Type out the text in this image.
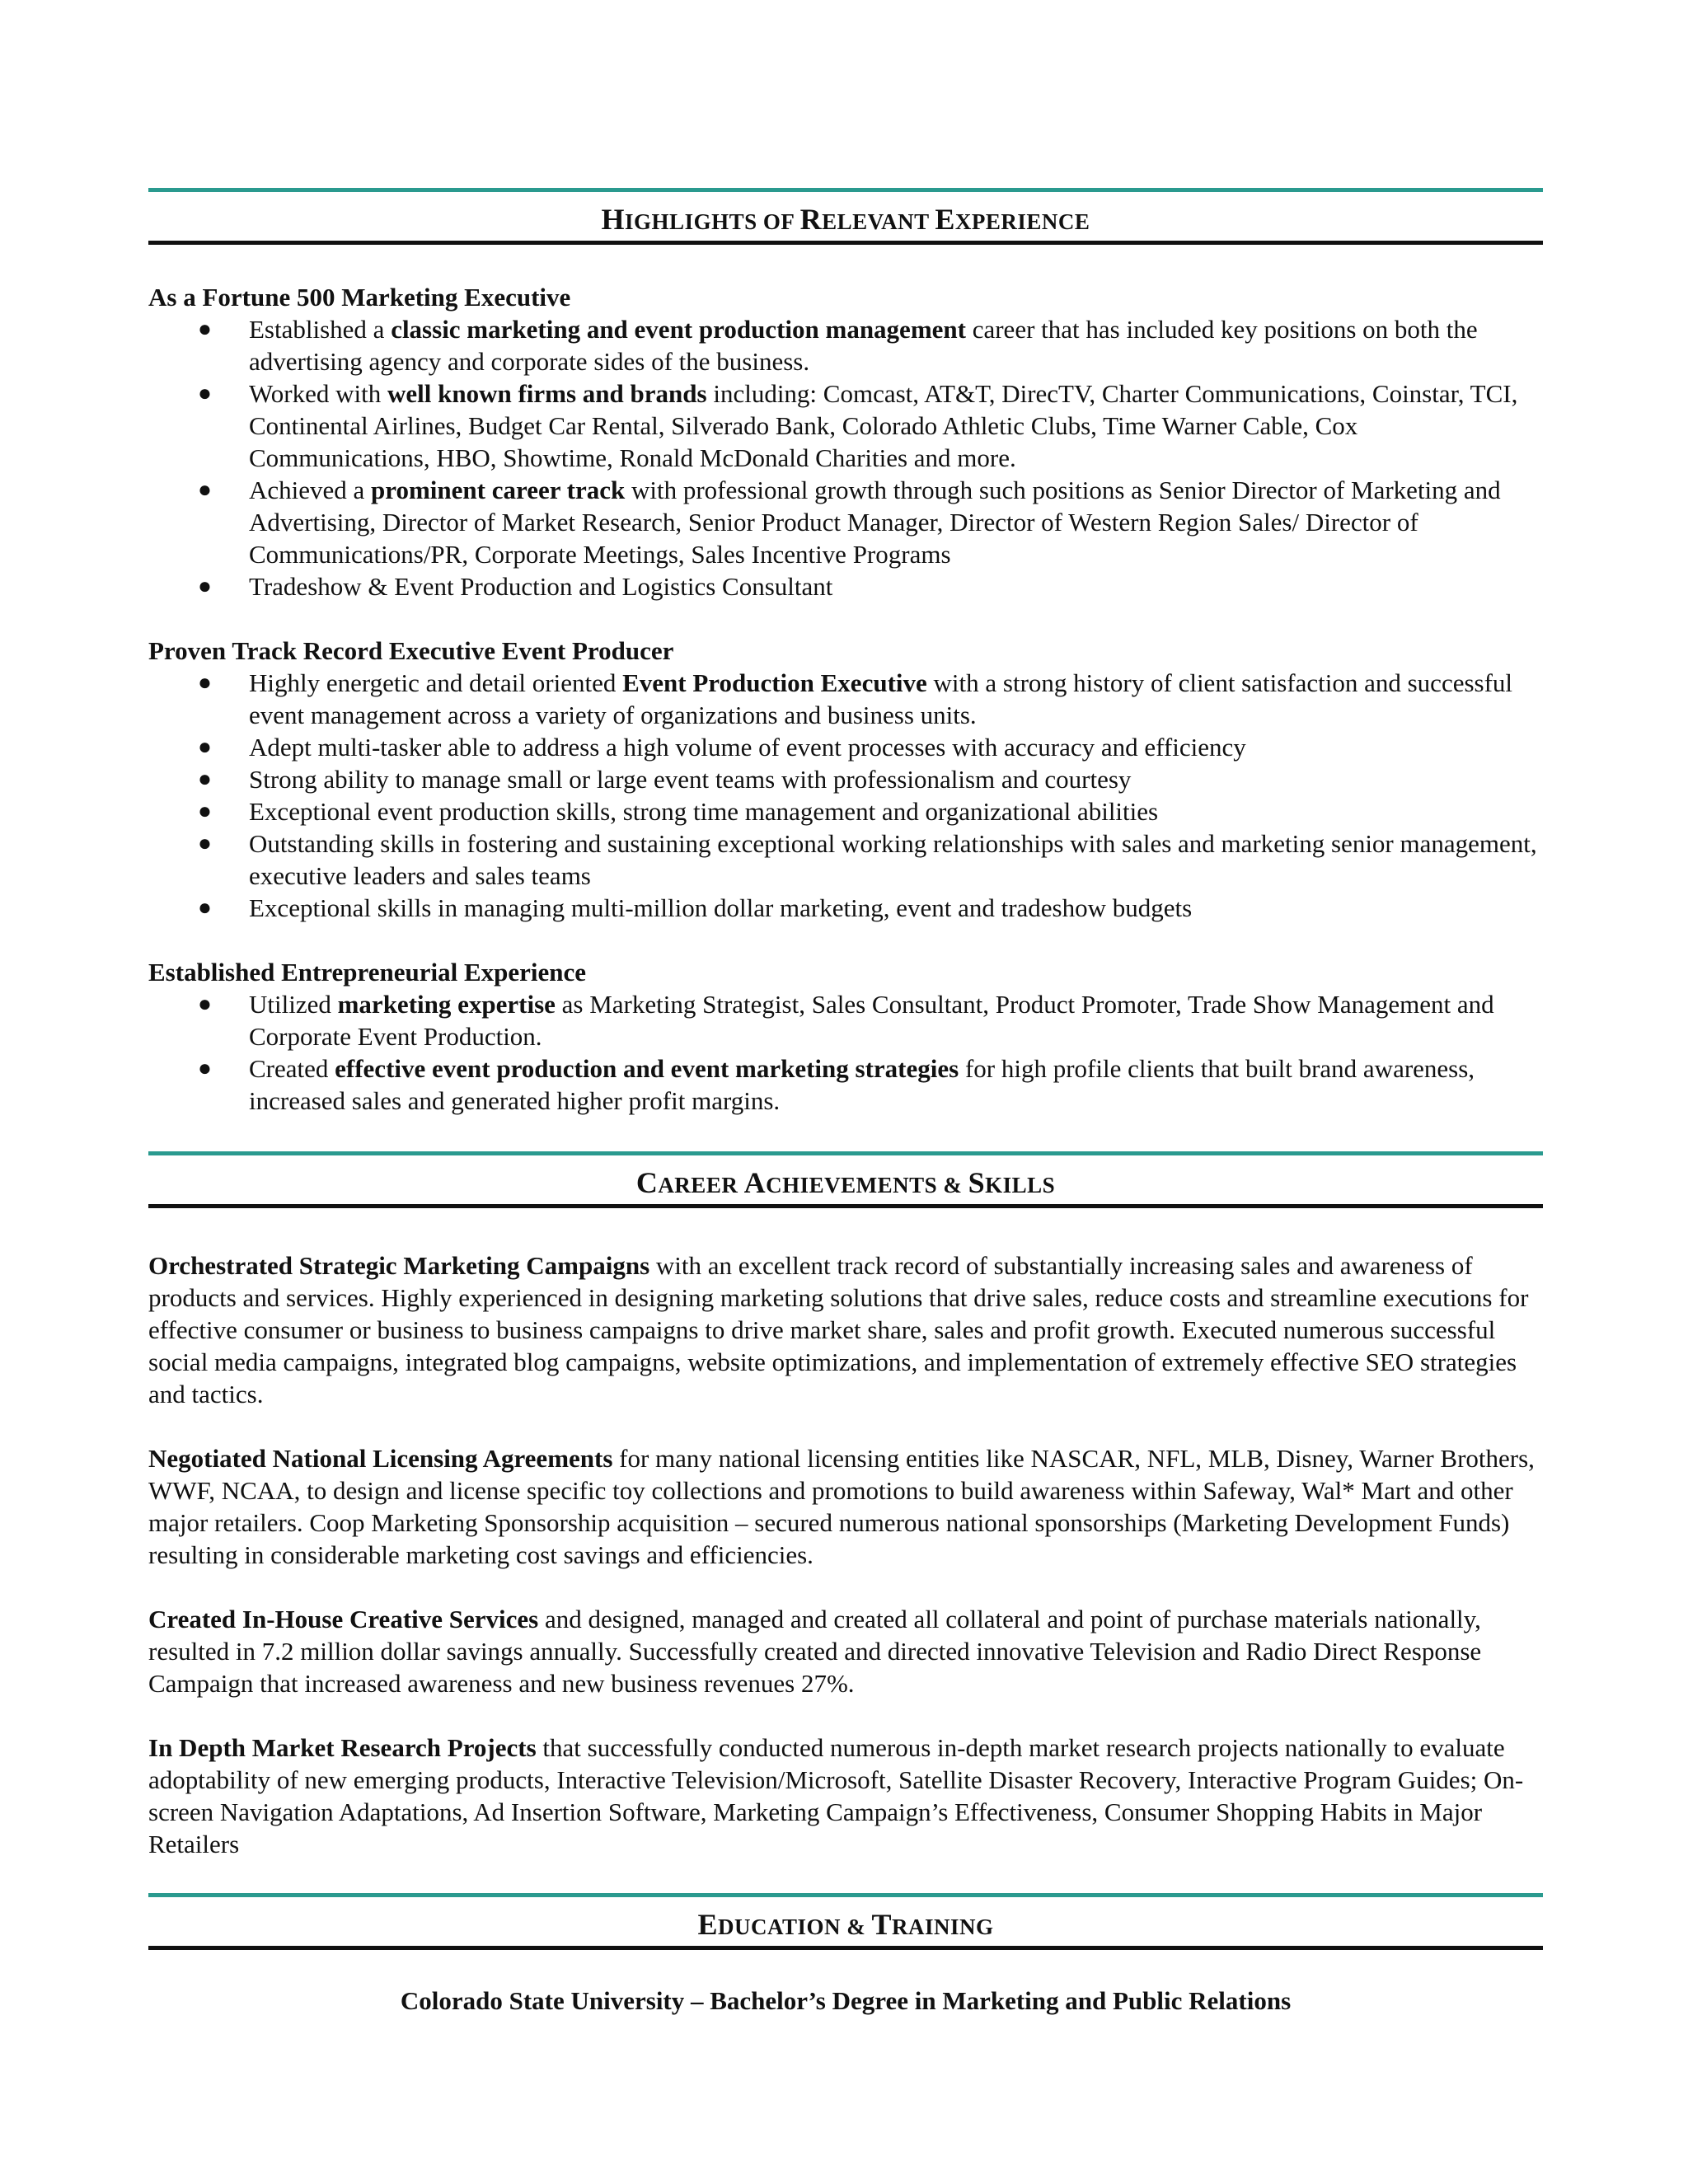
HIGHLIGHTS OF RELEVANT EXPERIENCE

As a Fortune 500 Marketing Executive

● Established a classic marketing and event production management career that has included key positions on both the advertising agency and corporate sides of the business.
● Worked with well known firms and brands including: Comcast, AT&T, DirecTV, Charter Communications, Coinstar, TCI, Continental Airlines, Budget Car Rental, Silverado Bank, Colorado Athletic Clubs, Time Warner Cable, Cox Communications, HBO, Showtime, Ronald McDonald Charities and more.
● Achieved a prominent career track with professional growth through such positions as Senior Director of Marketing and Advertising, Director of Market Research, Senior Product Manager, Director of Western Region Sales/ Director of Communications/PR, Corporate Meetings, Sales Incentive Programs
● Tradeshow & Event Production and Logistics Consultant

Proven Track Record Executive Event Producer

● Highly energetic and detail oriented Event Production Executive with a strong history of client satisfaction and successful event management across a variety of organizations and business units.
● Adept multi-tasker able to address a high volume of event processes with accuracy and efficiency
● Strong ability to manage small or large event teams with professionalism and courtesy
● Exceptional event production skills, strong time management and organizational abilities
● Outstanding skills in fostering and sustaining exceptional working relationships with sales and marketing senior management, executive leaders and sales teams
● Exceptional skills in managing multi-million dollar marketing, event and tradeshow budgets

Established Entrepreneurial Experience

● Utilized marketing expertise as Marketing Strategist, Sales Consultant, Product Promoter, Trade Show Management and Corporate Event Production.
● Created effective event production and event marketing strategies for high profile clients that built brand awareness, increased sales and generated higher profit margins.
CAREER ACHIEVEMENTS & SKILLS

Orchestrated Strategic Marketing Campaigns with an excellent track record of substantially increasing sales and awareness of products and services. Highly experienced in designing marketing solutions that drive sales, reduce costs and streamline executions for effective consumer or business to business campaigns to drive market share, sales and profit growth. Executed numerous successful social media campaigns, integrated blog campaigns, website optimizations, and implementation of extremely effective SEO strategies and tactics.

Negotiated National Licensing Agreements for many national licensing entities like NASCAR, NFL, MLB, Disney, Warner Brothers, WWF, NCAA, to design and license specific toy collections and promotions to build awareness within Safeway, Wal* Mart and other major retailers. Coop Marketing Sponsorship acquisition – secured numerous national sponsorships (Marketing Development Funds) resulting in considerable marketing cost savings and efficiencies.

Created In-House Creative Services and designed, managed and created all collateral and point of purchase materials nationally, resulted in 7.2 million dollar savings annually. Successfully created and directed innovative Television and Radio Direct Response Campaign that increased awareness and new business revenues 27%.

In Depth Market Research Projects that successfully conducted numerous in-depth market research projects nationally to evaluate adoptability of new emerging products, Interactive Television/Microsoft, Satellite Disaster Recovery, Interactive Program Guides; On-screen Navigation Adaptations, Ad Insertion Software, Marketing Campaign’s Effectiveness, Consumer Shopping Habits in Major Retailers

EDUCATION & TRAINING
Colorado State University – Bachelor’s Degree in Marketing and Public Relations
